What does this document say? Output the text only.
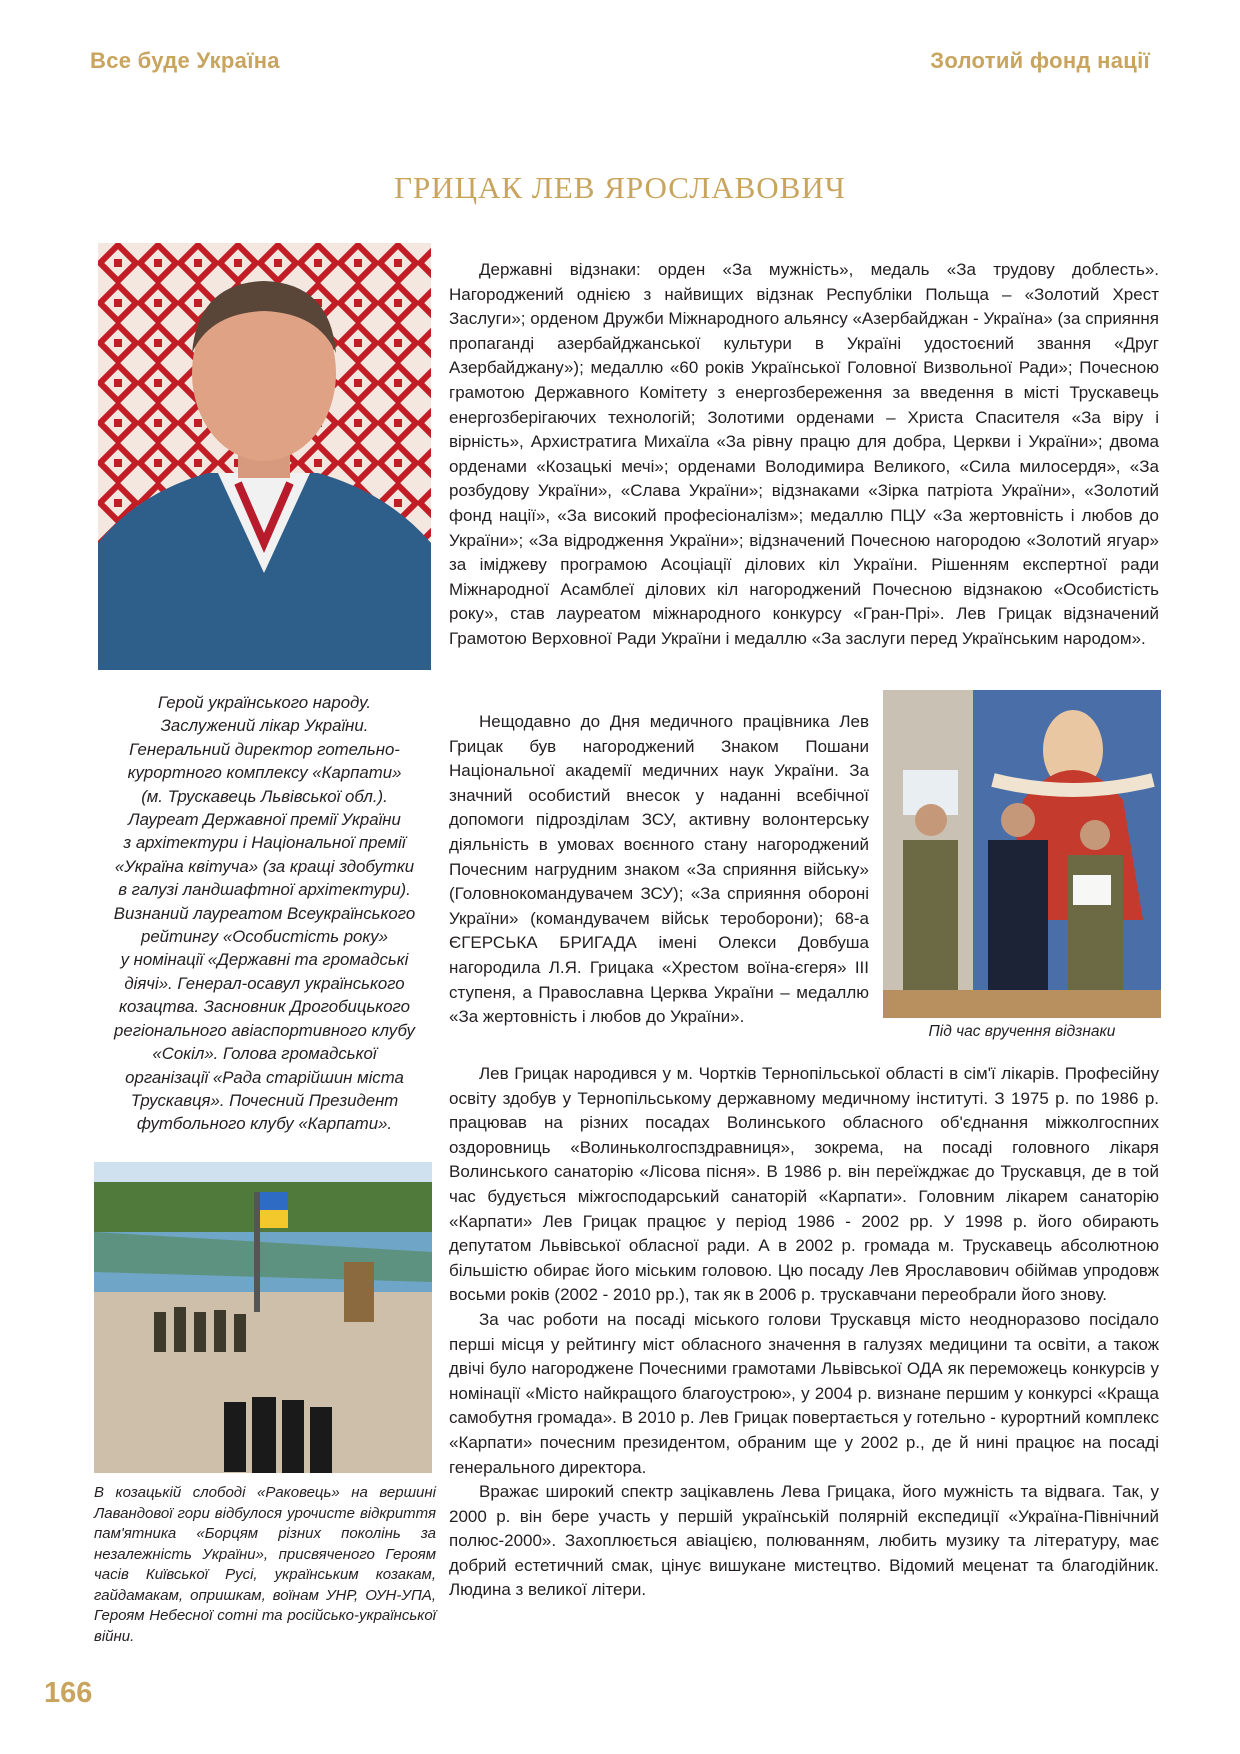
Все буде Україна	Золотий фонд нації
ГРИЦАК ЛЕВ ЯРОСЛАВОВИЧ

Герой українського народу.

Заслужений лікар України.

Генеральний директор готельно-

курортного комплексу «Карпати»

(м. Трускавець Львівської обл.).

Лауреат Державної премії України

з архітектури і Національної премії

«Україна квітуча» (за кращі здобутки

в галузі ландшафтної архітектури).

Визнаний лауреатом Всеукраїнського

рейтингу «Особистість року»

у номінації «Державні та громадські

діячі». Генерал-осавул українського

козацтва. Засновник Дрогобицького

регіонального авіаспортивного клубу

«Сокіл». Голова громадської

організації «Рада старійшин міста

Трускавця». Почесний Президент

футбольного клубу «Карпати».

В козацькій слободі «Раковець» на вершині Лавандової гори відбулося урочисте відкриття пам'ятника «Борцям різних поколінь за незалежність України», присвяченого Героям часів Київської Русі, українським козакам, гайдамакам, опришкам, воїнам УНР, ОУН-УПА, Героям Небесної сотні та російсько-української війни.
Під час вручення відзнаки

Державні відзнаки: орден «За мужність», медаль «За трудову доблесть». Нагороджений однією з найвищих відзнак Республіки Польща – «Золотий Хрест Заслуги»; орденом Дружби Міжнародного альянсу «Азербайджан - Україна» (за сприяння пропаганді азербайджанської культури в Україні удостоєний звання «Друг Азербайджану»); медаллю «60 років Української Головної Визвольної Ради»; Почесною грамотою Державного Комітету з енергозбереження за введення в місті Трускавець енергозберігаючих технологій; Золотими орденами – Христа Спасителя «За віру і вірність», Архистратига Михаїла «За рівну працю для добра, Церкви і України»; двома орденами «Козацькі мечі»; орденами Володимира Великого, «Сила милосердя», «За розбудову України», «Слава України»; відзнаками «Зірка патріота України», «Золотий фонд нації», «За високий професіоналізм»; медаллю ПЦУ «За жертовність і любов до України»; «За відродження України»; відзначений Почесною нагородою «Золотий ягуар» за іміджеву програмою Асоціації ділових кіл України. Рішенням експертної ради Міжнародної Асамблеї ділових кіл нагороджений Почесною відзнакою «Особистість року», став лауреатом міжнародного конкурсу «Гран-Прі». Лев Грицак відзначений Грамотою Верховної Ради України і медаллю «За заслуги перед Українським народом».

Нещодавно до Дня медичного працівника Лев Грицак був нагороджений Знаком Пошани Національної академії медичних наук України. За значний особистий внесок у наданні всебічної допомоги підрозділам ЗСУ, активну волонтерську діяльність в умовах воєнного стану нагороджений Почесним нагрудним знаком «За сприяння війську» (Головнокомандувачем ЗСУ); «За сприяння обороні України» (командувачем військ тероборони); 68-а ЄГЕРСЬКА БРИГАДА імені Олекси Довбуша нагородила Л.Я. Грицака «Хрестом воїна-єгеря» ІІІ ступеня, а Православна Церква України – медаллю «За жертовність і любов до України».

Лев Грицак народився у м. Чортків Тернопільської області в сім'ї лікарів. Професійну освіту здобув у Тернопільському державному медичному інституті. З 1975 р. по 1986 р. працював на різних посадах Волинського обласного об'єднання міжколгоспних оздоровниць «Волиньколгоспздравниця», зокрема, на посаді головного лікаря Волинського санаторію «Лісова пісня». В 1986 р. він переїжджає до Трускавця, де в той час будується міжгосподарський санаторій «Карпати». Головним лікарем санаторію «Карпати» Лев Грицак працює у період 1986 - 2002 рр. У 1998 р. його обирають депутатом Львівської обласної ради. А в 2002 р. громада м. Трускавець абсолютною більшістю обирає його міським головою. Цю посаду Лев Ярославович обіймав упродовж восьми років (2002 - 2010 рр.), так як в 2006 р. трускавчани переобрали його знову.

За час роботи на посаді міського голови Трускавця місто неодноразово посідало перші місця у рейтингу міст обласного значення в галузях медицини та освіти, а також двічі було нагороджене Почесними грамотами Львівської ОДА як переможець конкурсів у номінації «Місто найкращого благоустрою», у 2004 р. визнане першим у конкурсі «Краща самобутня громада». В 2010 р. Лев Грицак повертається у готельно - курортний комплекс «Карпати» почесним президентом, обраним ще у 2002 р., де й нині працює на посаді генерального директора.

Вражає широкий спектр зацікавлень Лева Грицака, його мужність та відвага. Так, у 2000 р. він бере участь у першій українській полярній експедиції «Україна-Північний полюс-2000». Захоплюється авіацією, полюванням, любить музику та літературу, має добрий естетичний смак, цінує вишукане мистецтво. Відомий меценат та благодійник. Людина з великої літери.

166
